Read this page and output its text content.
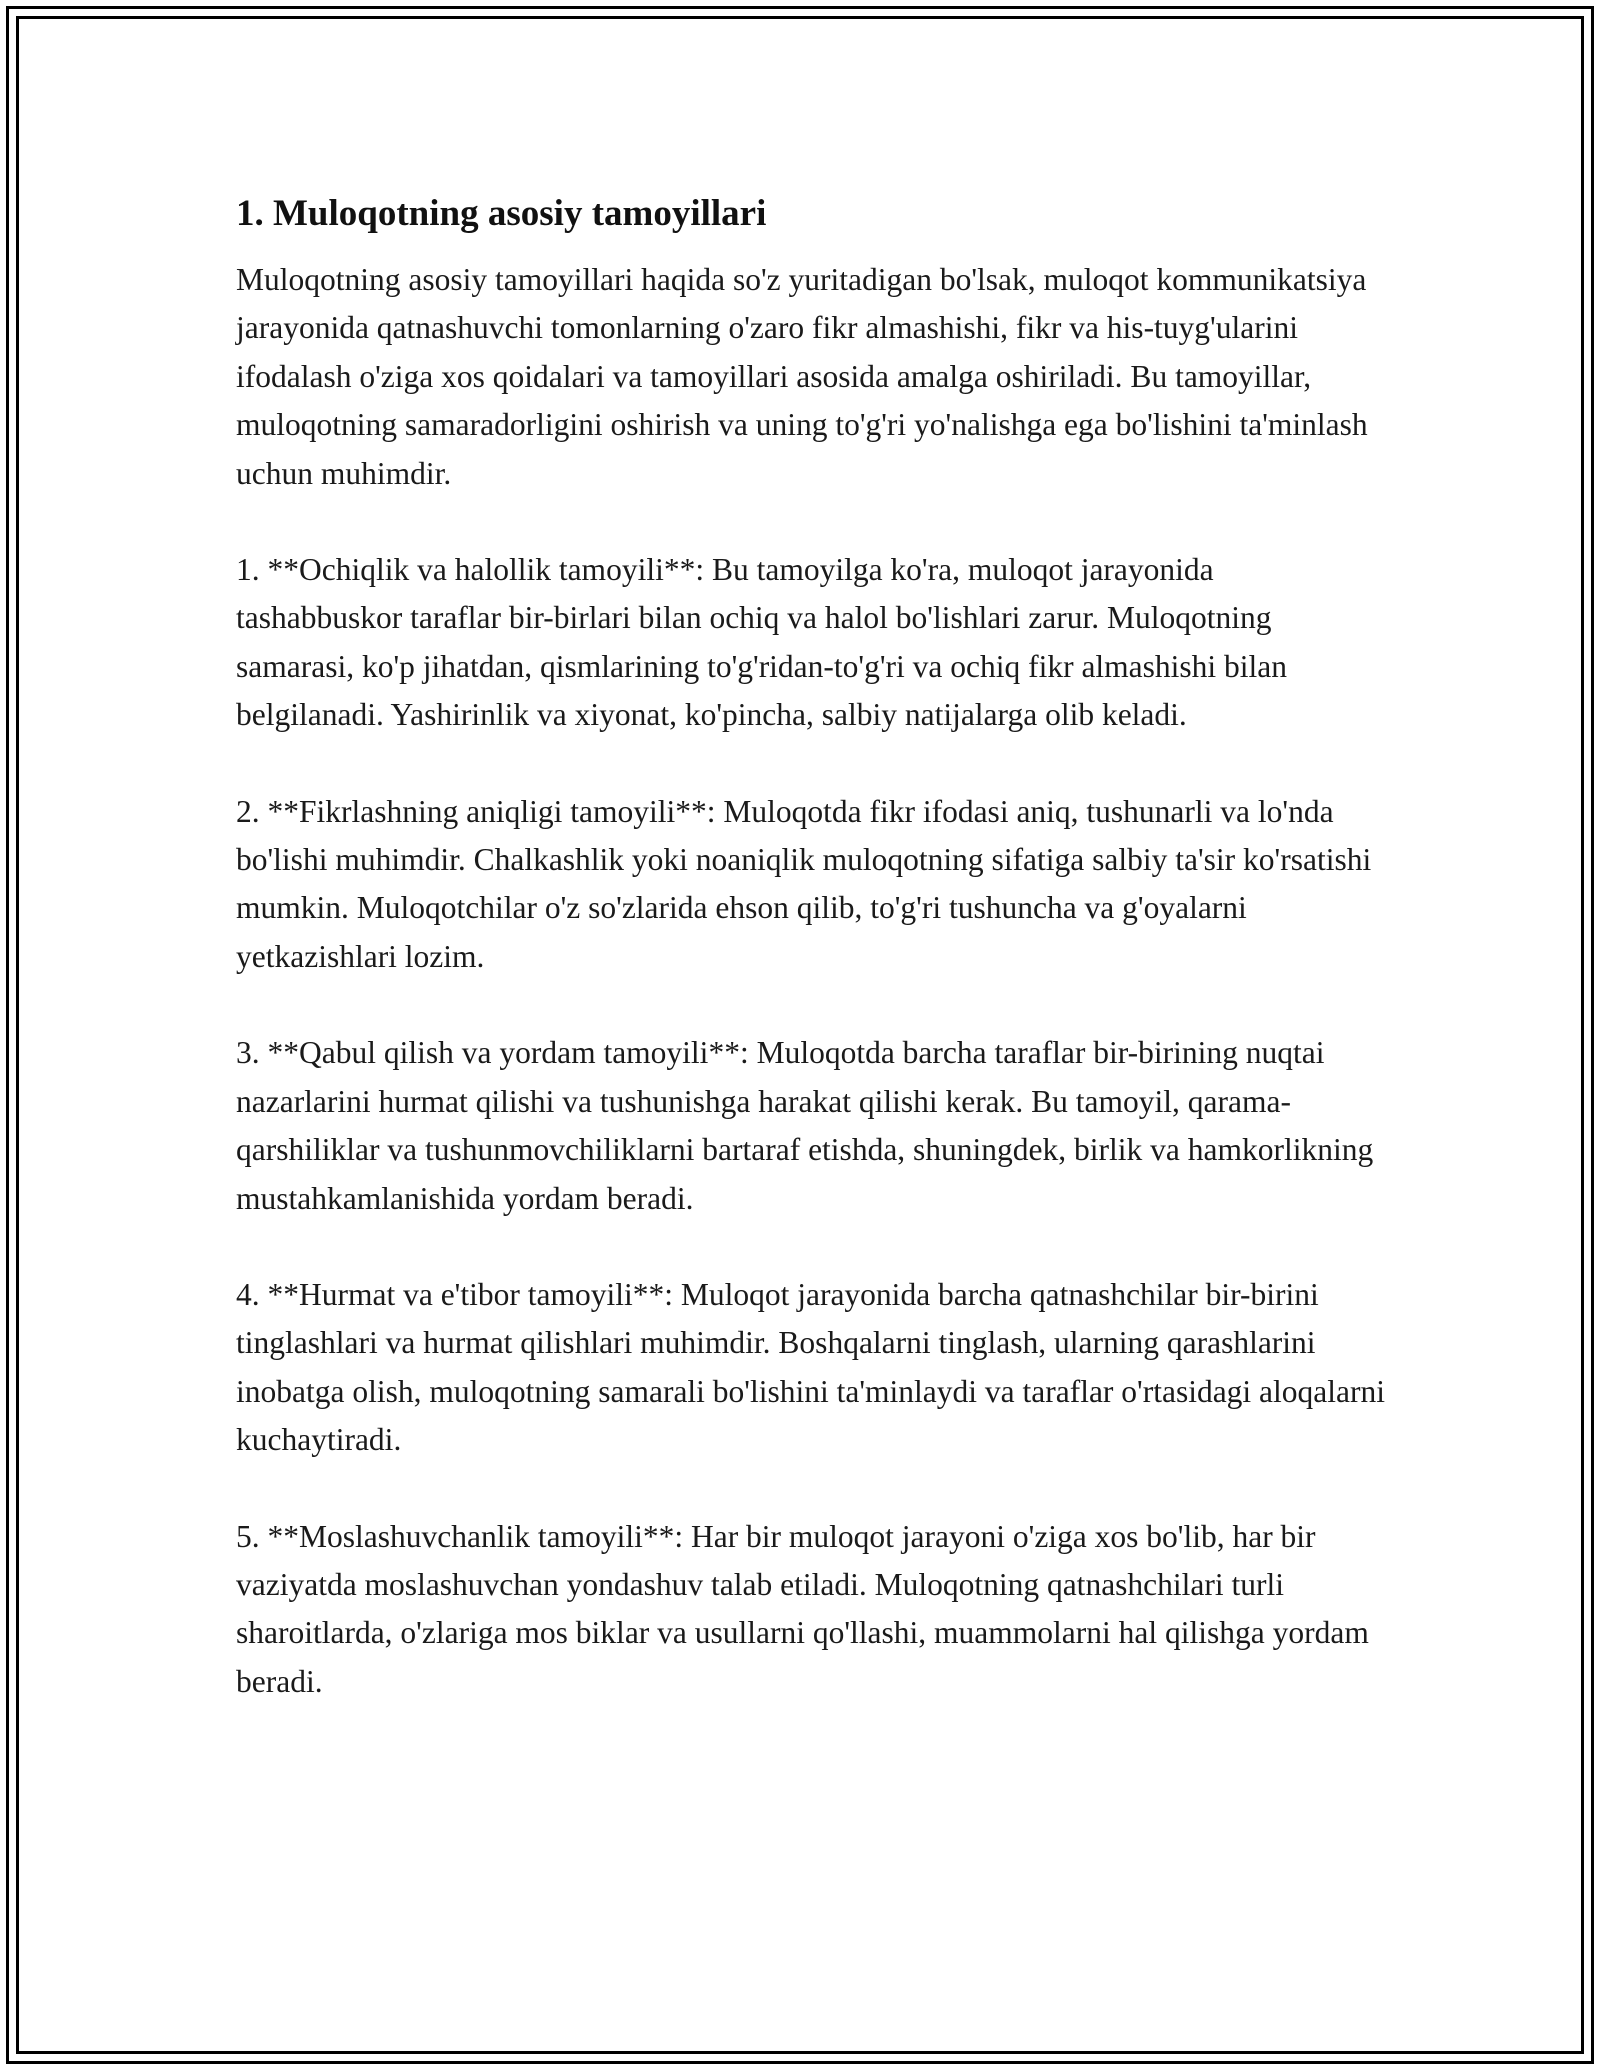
1. Muloqotning asosiy tamoyillari

Muloqotning asosiy tamoyillari haqida so'z yuritadigan bo'lsak, muloqot kommunikatsiya jarayonida qatnashuvchi tomonlarning o'zaro fikr almashishi, fikr va his-tuyg'ularini ifodalash o'ziga xos qoidalari va tamoyillari asosida amalga oshiriladi. Bu tamoyillar, muloqotning samaradorligini oshirish va uning to'g'ri yo'nalishga ega bo'lishini ta'minlash uchun muhimdir.

1. **Ochiqlik va halollik tamoyili**: Bu tamoyilga ko'ra, muloqot jarayonida tashabbuskor taraflar bir-birlari bilan ochiq va halol bo'lishlari zarur. Muloqotning samarasi, ko'p jihatdan, qismlarining to'g'ridan-to'g'ri va ochiq fikr almashishi bilan belgilanadi. Yashirinlik va xiyonat, ko'pincha, salbiy natijalarga olib keladi.

2. **Fikrlashning aniqligi tamoyili**: Muloqotda fikr ifodasi aniq, tushunarli va lo'nda bo'lishi muhimdir. Chalkashlik yoki noaniqlik muloqotning sifatiga salbiy ta'sir ko'rsatishi mumkin. Muloqotchilar o'z so'zlarida ehson qilib, to'g'ri tushuncha va g'oyalarni yetkazishlari lozim.

3. **Qabul qilish va yordam tamoyili**: Muloqotda barcha taraflar bir-birining nuqtai nazarlarini hurmat qilishi va tushunishga harakat qilishi kerak. Bu tamoyil, qarama-qarshiliklar va tushunmovchiliklarni bartaraf etishda, shuningdek, birlik va hamkorlikning mustahkamlanishida yordam beradi.

4. **Hurmat va e'tibor tamoyili**: Muloqot jarayonida barcha qatnashchilar bir-birini tinglashlari va hurmat qilishlari muhimdir. Boshqalarni tinglash, ularning qarashlarini inobatga olish, muloqotning samarali bo'lishini ta'minlaydi va taraflar o'rtasidagi aloqalarni kuchaytiradi.

5. **Moslashuvchanlik tamoyili**: Har bir muloqot jarayoni o'ziga xos bo'lib, har bir vaziyatda moslashuvchan yondashuv talab etiladi. Muloqotning qatnashchilari turli sharoitlarda, o'zlariga mos biklar va usullarni qo'llashi, muammolarni hal qilishga yordam beradi.
